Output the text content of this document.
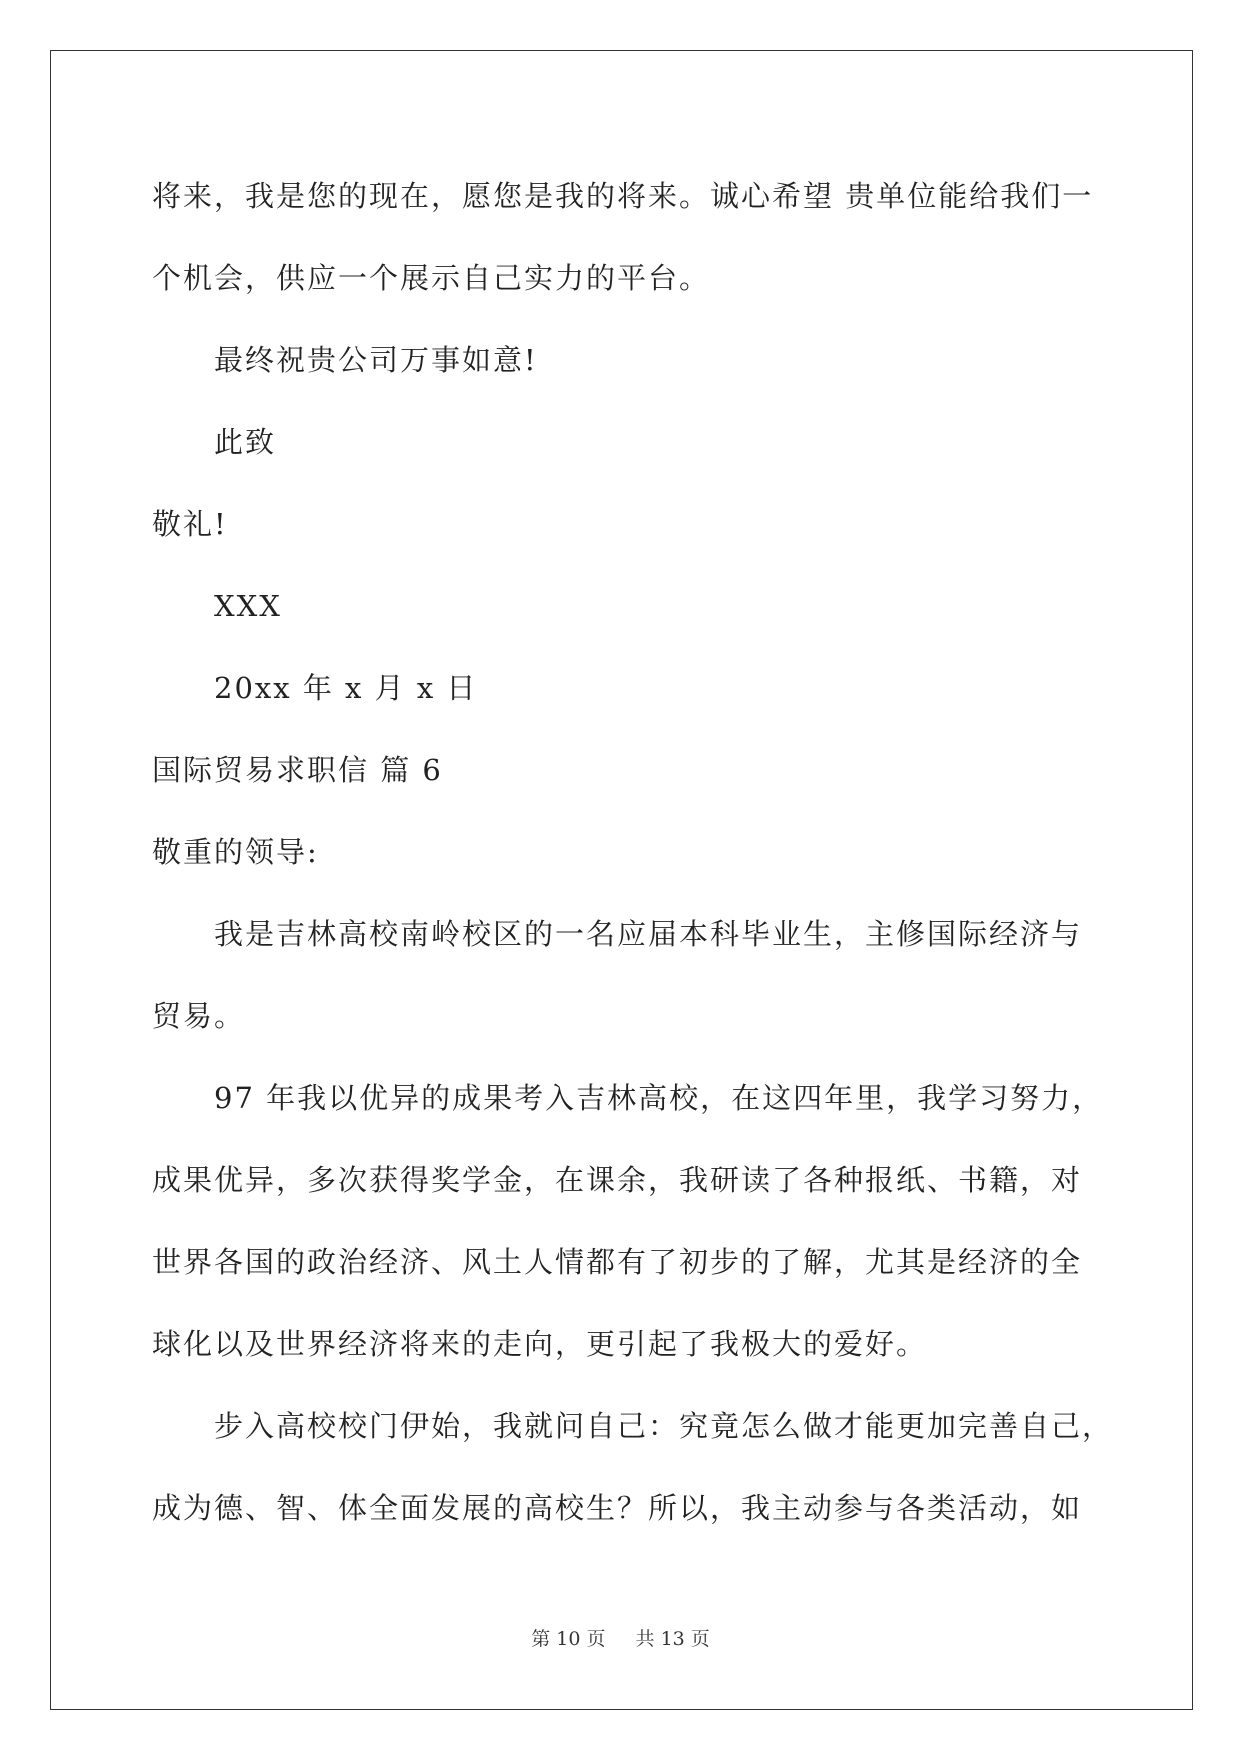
将来，我是您的现在，愿您是我的将来。诚心希望 贵单位能给我们一
个机会，供应一个展示自己实力的平台。
最终祝贵公司万事如意!
此致
敬礼!
XXX
20xx 年 x 月 x 日
国际贸易求职信 篇 6
敬重的领导:
我是吉林高校南岭校区的一名应届本科毕业生，主修国际经济与
贸易。
97 年我以优异的成果考入吉林高校，在这四年里，我学习努力，
成果优异，多次获得奖学金，在课余，我研读了各种报纸、书籍，对
世界各国的政治经济、风土人情都有了初步的了解，尤其是经济的全
球化以及世界经济将来的走向，更引起了我极大的爱好。
步入高校校门伊始，我就问自己：究竟怎么做才能更加完善自己，
成为德、智、体全面发展的高校生？所以，我主动参与各类活动，如
第 10 页 共 13 页
